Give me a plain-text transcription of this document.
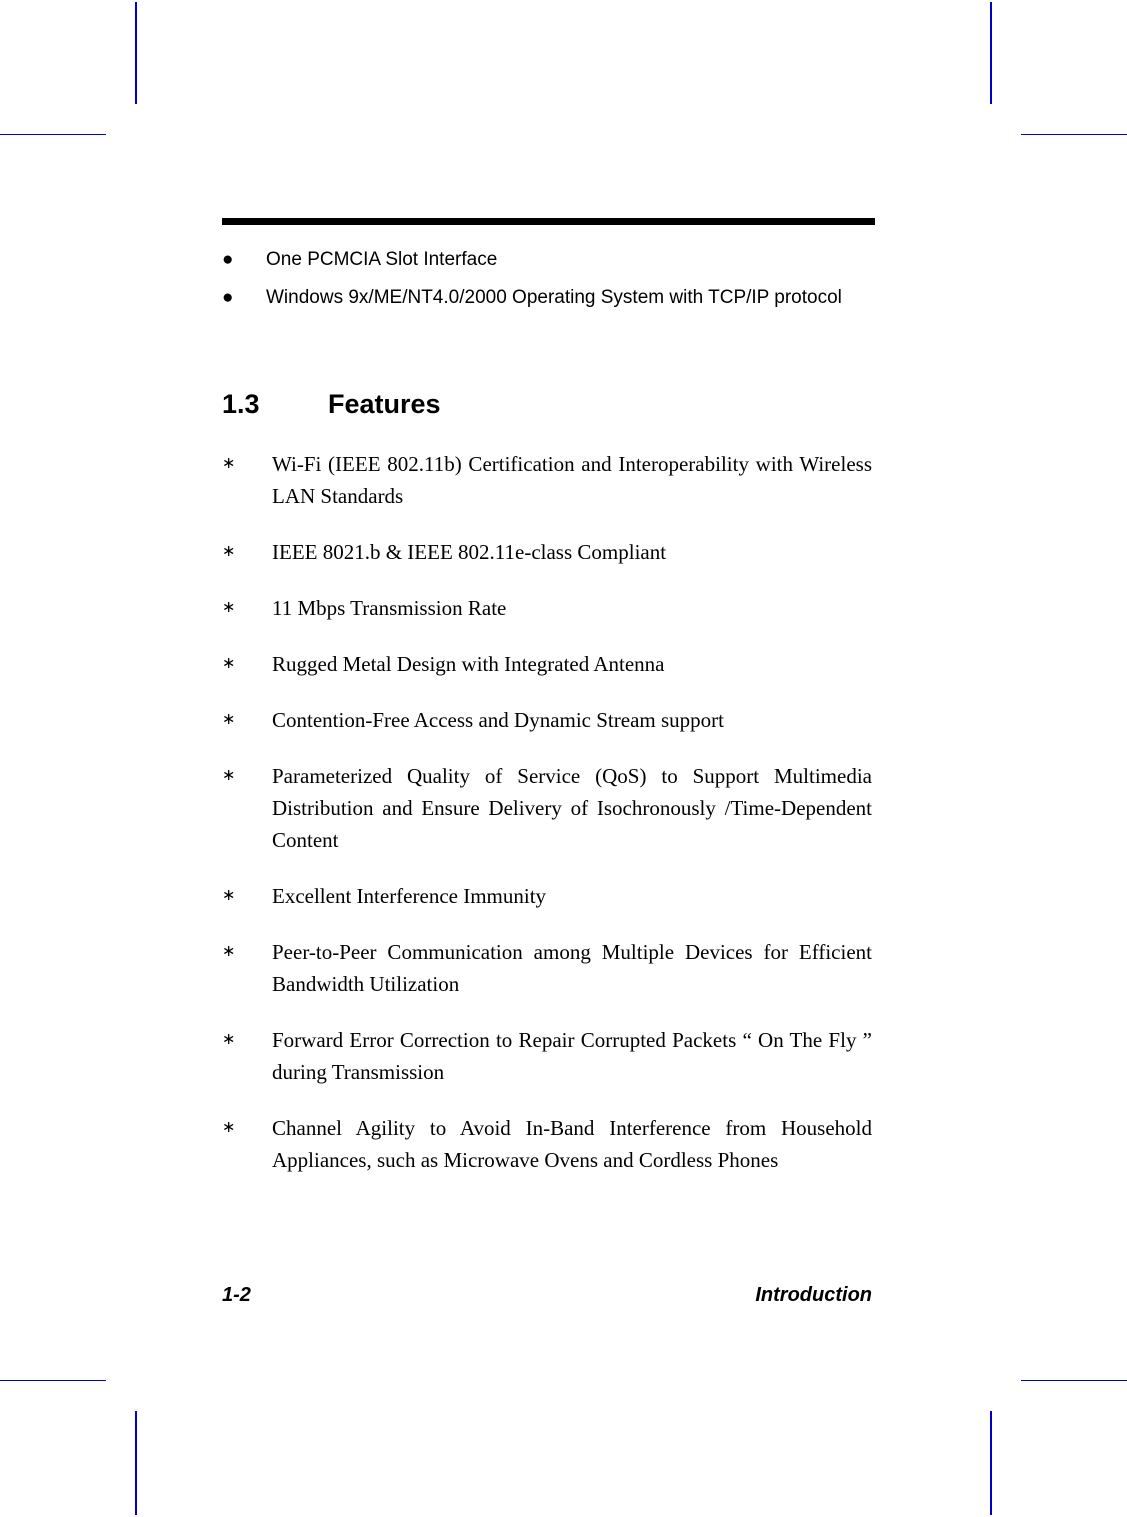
● One PCMCIA Slot Interface
● Windows 9x/ME/NT4.0/2000 Operating System with TCP/IP protocol
1.3	Features
∗ Wi-Fi (IEEE 802.11b) Certification and Interoperability with Wireless LAN Standards
∗ IEEE 8021.b & IEEE 802.11e-class Compliant
∗ 11 Mbps Transmission Rate
∗ Rugged Metal Design with Integrated Antenna
∗ Contention-Free Access and Dynamic Stream support
∗ Parameterized Quality of Service (QoS) to Support Multimedia Distribution and Ensure Delivery of Isochronously /Time-Dependent Content
∗ Excellent Interference Immunity
∗ Peer-to-Peer Communication among Multiple Devices for Efficient Bandwidth Utilization
∗ Forward Error Correction to Repair Corrupted Packets “ On The Fly ” during Transmission
∗ Channel Agility to Avoid In-Band Interference from Household Appliances, such as Microwave Ovens and Cordless Phones
1-2	Introduction
